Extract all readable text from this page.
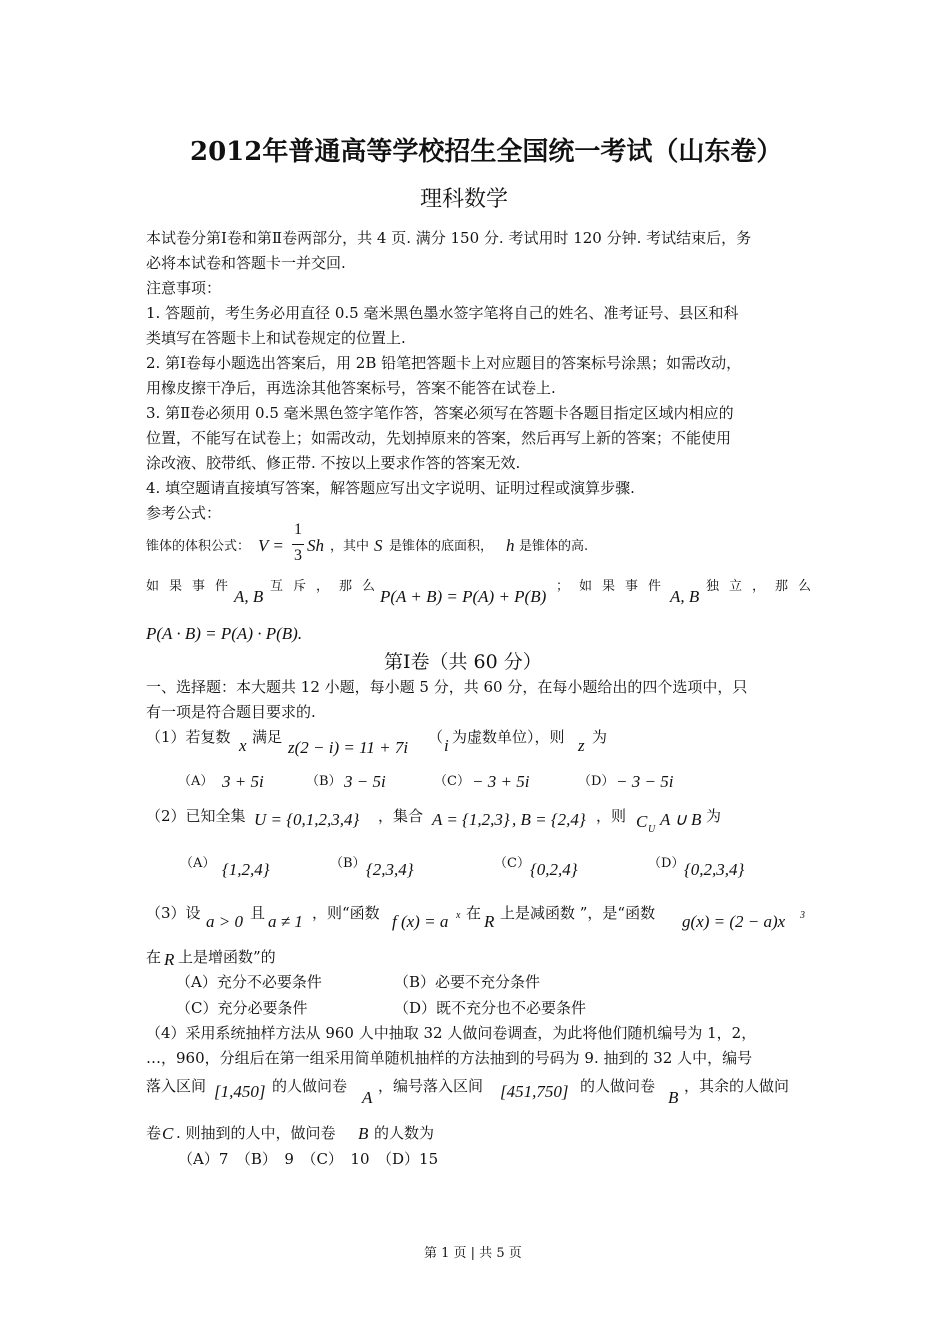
2012年普通高等学校招生全国统一考试（山东卷）
理科数学
本试卷分第Ⅰ卷和第Ⅱ卷两部分，共 4 页. 满分 150 分. 考试用时 120 分钟. 考试结束后，务
必将本试卷和答题卡一并交回.
注意事项：
1. 答题前，考生务必用直径 0.5 毫米黑色墨水签字笔将自己的姓名、准考证号、县区和科
类填写在答题卡上和试卷规定的位置上.
2. 第Ⅰ卷每小题选出答案后，用 2B 铅笔把答题卡上对应题目的答案标号涂黑；如需改动，
用橡皮擦干净后，再选涂其他答案标号，答案不能答在试卷上.
3. 第Ⅱ卷必须用 0.5 毫米黑色签字笔作答，答案必须写在答题卡各题目指定区域内相应的
位置，不能写在试卷上；如需改动，先划掉原来的答案，然后再写上新的答案；不能使用
涂改液、胶带纸、修正带. 不按以上要求作答的答案无效.
4. 填空题请直接填写答案，解答题应写出文字说明、证明过程或演算步骤.
参考公式：
锥体的体积公式： V =
1
3
Sh ，其中 S 是锥体的底面积， h 是锥体的高.
如果事件
A, B
互斥，那么
P(A + B) = P(A) + P(B)
；如果事件
A, B
独立，那么
P(A · B) = P(A) · P(B).
第Ⅰ卷（共 60 分）
一、选择题：本大题共 12 小题，每小题 5 分，共 60 分，在每小题给出的四个选项中，只
有一项是符合题目要求的.
（1）若复数 x 满足
z(2 − i) = 11 + 7i
（ i 为虚数单位），则 z 为
（A） 3 + 5i	（B） 3 − 5i	（C） − 3 + 5i	（D） − 3 − 5i
（2）已知全集 U = {0,1,2,3,4} ，集合 A = {1,2,3} , B = {2,4} ，则 C U
A ∪ B 为
（A） {1,2,4}	（B） {2,3,4}	（C） {0,2,4}	（D） {0,2,3,4}
（3）设 a > 0 且 a ≠ 1 ，则“函数 f (x) = a x 在 R 上是减函数 ”，是“函数 g(x) = (2 − a)x 3
在 R 上是增函数”的
（A）充分不必要条件	（B）必要不充分条件
（C）充分必要条件	（D）既不充分也不必要条件
（4）采用系统抽样方法从 960 人中抽取 32 人做问卷调查，为此将他们随机编号为 1，2，
…，960，分组后在第一组采用简单随机抽样的方法抽到的号码为 9. 抽到的 32 人中，编号
落入区间 [1,450] 的人做问卷
A
，编号落入区间 [451,750] 的人做问卷
B
，其余的人做问
卷 C . 则抽到的人中，做问卷 B 的人数为
（A）7　（B）　9　（C）　10　（D）15
第 1 页 | 共 5 页
